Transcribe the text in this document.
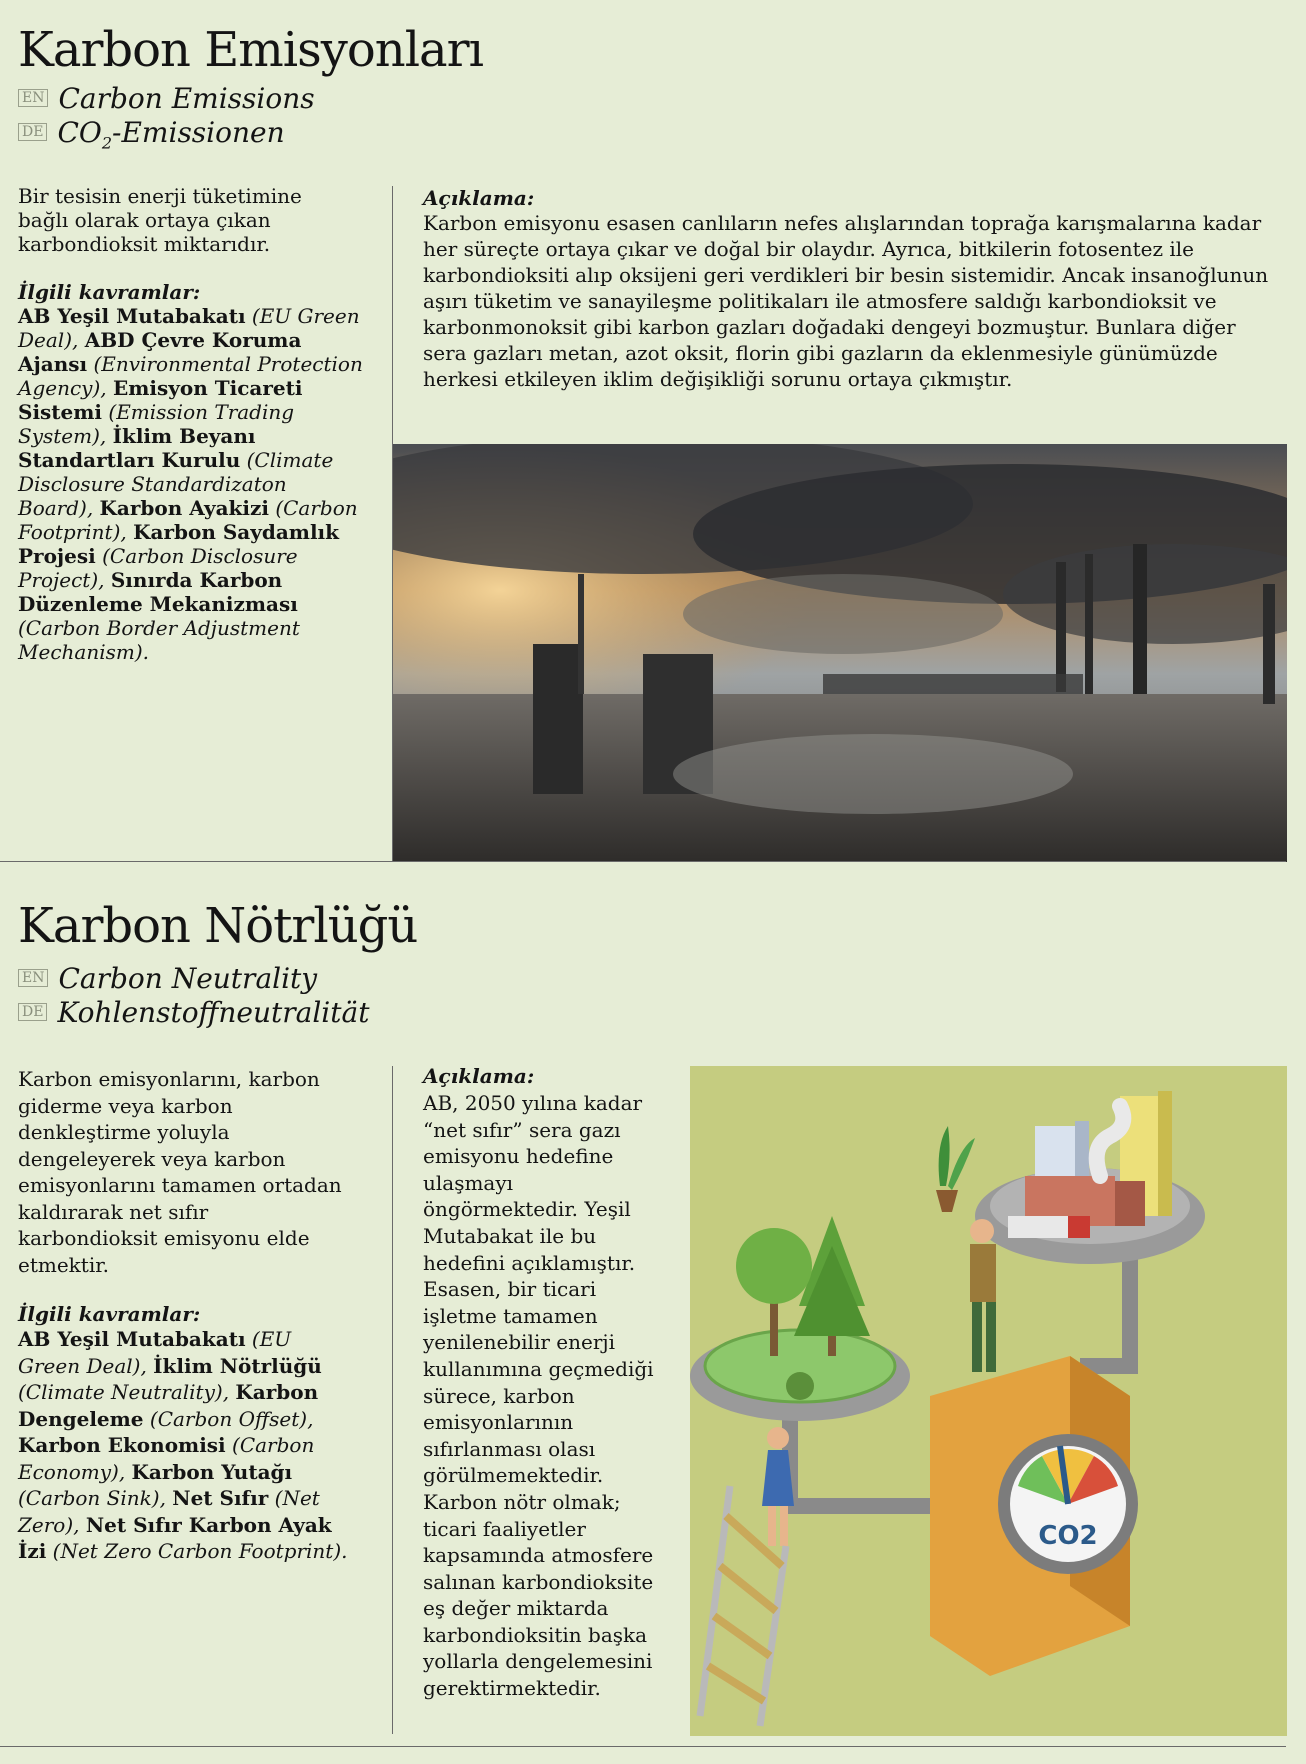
Karbon Emisyonları
EN Carbon Emissions
DE $CO_2$-Emissionen
Bir tesisin enerji tüketimine bağlı olarak ortaya çıkan karbondioksit miktarıdır.
İlgili kavramlar:
AB Yeşil Mutabakatı (EU Green Deal), ABD Çevre Koruma Ajansı (Environmental Protection Agency), Emisyon Ticareti Sistemi (Emission Trading System), İklim Beyanı Standartları Kurulu (Climate Disclosure Standardizaton Board), Karbon Ayakizi (Carbon Footprint), Karbon Saydamlık Projesi (Carbon Disclosure Project), Sınırda Karbon Düzenleme Mekanizması (Carbon Border Adjustment Mechanism).
Açıklama:
Karbon emisyonu esasen canlıların nefes alışlarından toprağa karışmalarına kadar her süreçte ortaya çıkar ve doğal bir olaydır. Ayrıca, bitkilerin fotosentez ile karbondioksiti alıp oksijeni geri verdikleri bir besin sistemidir. Ancak insanoğlunun aşırı tüketim ve sanayileşme politikaları ile atmosfere saldığı karbondioksit ve karbonmonoksit gibi karbon gazları doğadaki dengeyi bozmuştur. Bunlara diğer sera gazları metan, azot oksit, florin gibi gazların da eklenmesiyle günümüzde herkesi etkileyen iklim değişikliği sorunu ortaya çıkmıştır.
Karbon Nötrlüğü
EN Carbon Neutrality
DE Kohlenstoffneutralität
Karbon emisyonlarını, karbon giderme veya karbon denkleştirme yoluyla dengeleyerek veya karbon emisyonlarını tamamen ortadan kaldırarak net sıfır karbondioksit emisyonu elde etmektir.
İlgili kavramlar:
AB Yeşil Mutabakatı (EU Green Deal), İklim Nötrlüğü (Climate Neutrality), Karbon Dengeleme (Carbon Offset), Karbon Ekonomisi (Carbon Economy), Karbon Yutağı (Carbon Sink), Net Sıfır (Net Zero), Net Sıfır Karbon Ayak İzi (Net Zero Carbon Footprint).
Açıklama:
AB, 2050 yılına kadar “net sıfır” sera gazı emisyonu hedefine ulaşmayı öngörmektedir. Yeşil Mutabakat ile bu hedefini açıklamıştır. Esasen, bir ticari işletme tamamen yenilenebilir enerji kullanımına geçmediği sürece, karbon emisyonlarının sıfırlanması olası görülmemektedir. Karbon nötr olmak; ticari faaliyetler kapsamında atmosfere salınan karbondioksite eş değer miktarda karbondioksitin başka yollarla dengelemesini gerektirmektedir.
CO2
